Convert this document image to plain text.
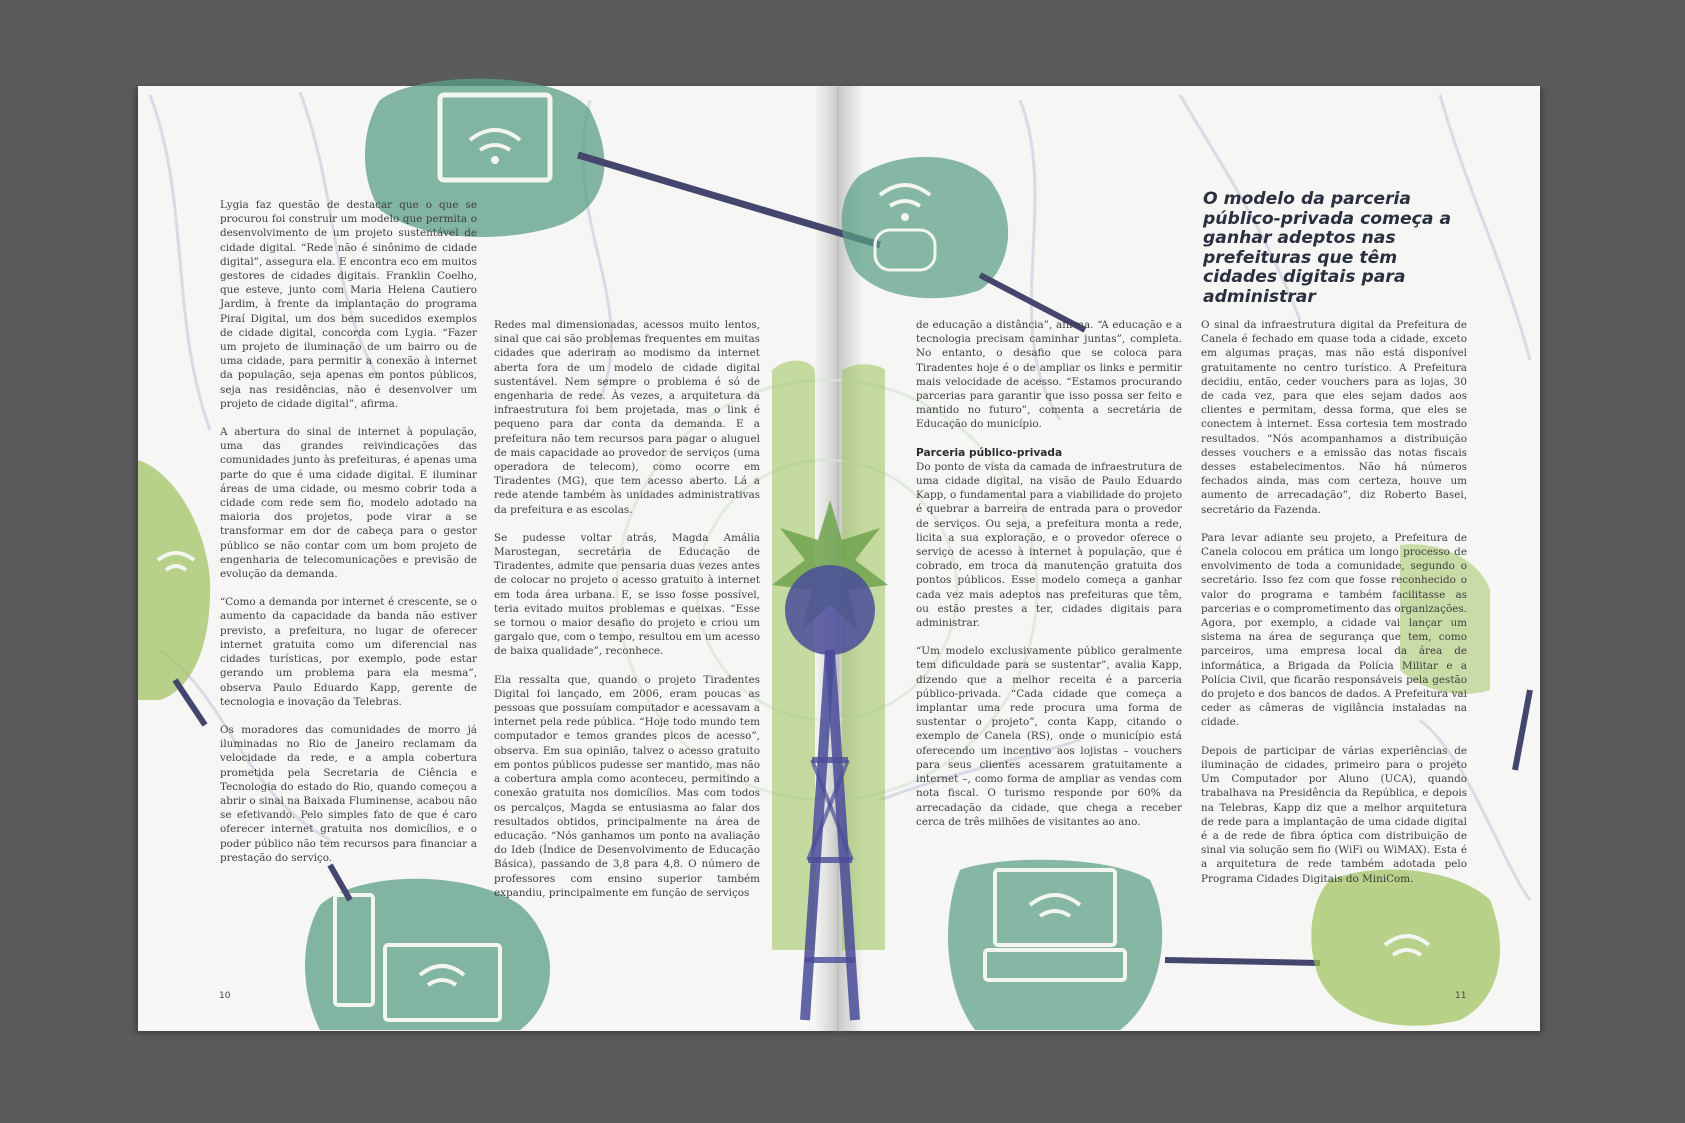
Lygia faz questão de destacar que o que se procurou foi construir um modelo que permita o desenvolvimento de um projeto sustentável de cidade digital. “Rede não é sinônimo de cidade digital”, assegura ela. E encontra eco em muitos gestores de cidades digitais. Franklin Coelho, que esteve, junto com Maria Helena Cautiero Jardim, à frente da implantação do programa Piraí Digital, um dos bem sucedidos exemplos de cidade digital, concorda com Lygia. “Fazer um projeto de iluminação de um bairro ou de uma cidade, para permitir a conexão à internet da população, seja apenas em pontos públicos, seja nas residências, não é desenvolver um projeto de cidade digital”, afirma.

A abertura do sinal de internet à população, uma das grandes reivindicações das comunidades junto às prefeituras, é apenas uma parte do que é uma cidade digital. E iluminar áreas de uma cidade, ou mesmo cobrir toda a cidade com rede sem fio, modelo adotado na maioria dos projetos, pode virar a se transformar em dor de cabeça para o gestor público se não contar com um bom projeto de engenharia de telecomunicações e previsão de evolução da demanda.

“Como a demanda por internet é crescente, se o aumento da capacidade da banda não estiver previsto, a prefeitura, no lugar de oferecer internet gratuita como um diferencial nas cidades turísticas, por exemplo, pode estar gerando um problema para ela mesma”, observa Paulo Eduardo Kapp, gerente de tecnologia e inovação da Telebras.

Os moradores das comunidades de morro já iluminadas no Rio de Janeiro reclamam da velocidade da rede, e a ampla cobertura prometida pela Secretaria de Ciência e Tecnologia do estado do Rio, quando começou a abrir o sinal na Baixada Fluminense, acabou não se efetivando. Pelo simples fato de que é caro oferecer internet gratuita nos domicílios, e o poder público não tem recursos para financiar a prestação do serviço.

Redes mal dimensionadas, acessos muito lentos, sinal que cai são problemas frequentes em muitas cidades que aderiram ao modismo da internet aberta fora de um modelo de cidade digital sustentável. Nem sempre o problema é só de engenharia de rede. Às vezes, a arquitetura da infraestrutura foi bem projetada, mas o link é pequeno para dar conta da demanda. E a prefeitura não tem recursos para pagar o aluguel de mais capacidade ao provedor de serviços (uma operadora de telecom), como ocorre em Tiradentes (MG), que tem acesso aberto. Lá a rede atende também às unidades administrativas da prefeitura e as escolas.

Se pudesse voltar atrás, Magda Amália Marostegan, secretária de Educação de Tiradentes, admite que pensaria duas vezes antes de colocar no projeto o acesso gratuito à internet em toda área urbana. E, se isso fosse possível, teria evitado muitos problemas e queixas. “Esse se tornou o maior desafio do projeto e criou um gargalo que, com o tempo, resultou em um acesso de baixa qualidade”, reconhece.

Ela ressalta que, quando o projeto Tiradentes Digital foi lançado, em 2006, eram poucas as pessoas que possuíam computador e acessavam a internet pela rede pública. “Hoje todo mundo tem computador e temos grandes picos de acesso”, observa. Em sua opinião, talvez o acesso gratuito em pontos públicos pudesse ser mantido, mas não a cobertura ampla como aconteceu, permitindo a conexão gratuita nos domicílios. Mas com todos os percalços, Magda se entusiasma ao falar dos resultados obtidos, principalmente na área de educação. “Nós ganhamos um ponto na avaliação do Ideb (Índice de Desenvolvimento de Educação Básica), passando de 3,8 para 4,8. O número de professores com ensino superior também expandiu, principalmente em função de serviços

de educação a distância”, afirma. “A educação e a tecnologia precisam caminhar juntas”, completa. No entanto, o desafio que se coloca para Tiradentes hoje é o de ampliar os links e permitir mais velocidade de acesso. “Estamos procurando parcerias para garantir que isso possa ser feito e mantido no futuro”, comenta a secretária de Educação do município.

Parceria público-privada

Do ponto de vista da camada de infraestrutura de uma cidade digital, na visão de Paulo Eduardo Kapp, o fundamental para a viabilidade do projeto é quebrar a barreira de entrada para o provedor de serviços. Ou seja, a prefeitura monta a rede, licita a sua exploração, e o provedor oferece o serviço de acesso à internet à população, que é cobrado, em troca da manutenção gratuita dos pontos públicos. Esse modelo começa a ganhar cada vez mais adeptos nas prefeituras que têm, ou estão prestes a ter, cidades digitais para administrar.

“Um modelo exclusivamente público geralmente tem dificuldade para se sustentar”, avalia Kapp, dizendo que a melhor receita é a parceria público-privada. “Cada cidade que começa a implantar uma rede procura uma forma de sustentar o projeto”, conta Kapp, citando o exemplo de Canela (RS), onde o município está oferecendo um incentivo aos lojistas – vouchers para seus clientes acessarem gratuitamente a internet –, como forma de ampliar as vendas com nota fiscal. O turismo responde por 60% da arrecadação da cidade, que chega a receber cerca de três milhões de visitantes ao ano.

O modelo da parceria público-privada começa a ganhar adeptos nas prefeituras que têm cidades digitais para administrar

O sinal da infraestrutura digital da Prefeitura de Canela é fechado em quase toda a cidade, exceto em algumas praças, mas não está disponível gratuitamente no centro turístico. A Prefeitura decidiu, então, ceder vouchers para as lojas, 30 de cada vez, para que eles sejam dados aos clientes e permitam, dessa forma, que eles se conectem à internet. Essa cortesia tem mostrado resultados. “Nós acompanhamos a distribuição desses vouchers e a emissão das notas fiscais desses estabelecimentos. Não há números fechados ainda, mas com certeza, houve um aumento de arrecadação”, diz Roberto Basei, secretário da Fazenda.

Para levar adiante seu projeto, a Prefeitura de Canela colocou em prática um longo processo de envolvimento de toda a comunidade, segundo o secretário. Isso fez com que fosse reconhecido o valor do programa e também facilitasse as parcerias e o comprometimento das organizações. Agora, por exemplo, a cidade vai lançar um sistema na área de segurança que tem, como parceiros, uma empresa local da área de informática, a Brigada da Polícia Militar e a Polícia Civil, que ficarão responsáveis pela gestão do projeto e dos bancos de dados. A Prefeitura vai ceder as câmeras de vigilância instaladas na cidade.

Depois de participar de várias experiências de iluminação de cidades, primeiro para o projeto Um Computador por Aluno (UCA), quando trabalhava na Presidência da República, e depois na Telebras, Kapp diz que a melhor arquitetura de rede para a implantação de uma cidade digital é a de rede de fibra óptica com distribuição de sinal via solução sem fio (WiFi ou WiMAX). Esta é a arquitetura de rede também adotada pelo Programa Cidades Digitais do MiniCom.

10	11
